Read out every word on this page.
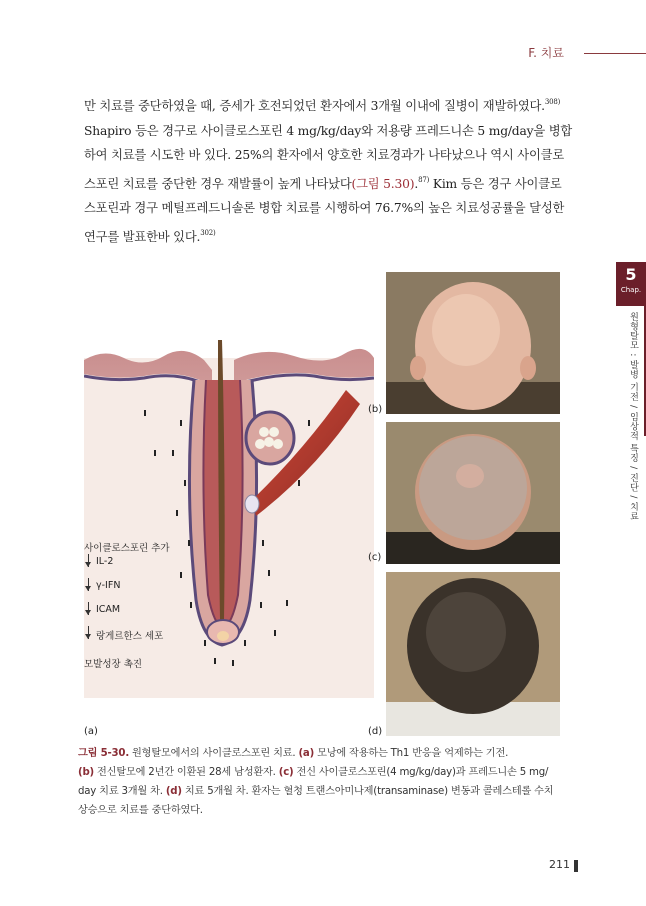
F. 치료
5
Chap.
원형탈모 : 발병 기전 / 임상적 특징 / 진단 / 치료
만 치료를 중단하였을 때, 증세가 호전되었던 환자에서 3개월 이내에 질병이 재발하였다.$^{308)}$
Shapiro 등은 경구로 사이클로스포린 4 mg/kg/day와 저용량 프레드니손 5 mg/day을 병합
하여 치료를 시도한 바 있다. 25%의 환자에서 양호한 치료경과가 나타났으나 역시 사이클로
스포린 치료를 중단한 경우 재발률이 높게 나타났다(그림 5.30).$^{87)}$ Kim 등은 경구 사이클로
스포린과 경구 메틸프레드니솔론 병합 치료를 시행하여 76.7%의 높은 치료성공률을 달성한
연구를 발표한바 있다.$^{302)}$
사이클로스포린 추가
IL-2
γ-IFN
ICAM
랑게르한스 세포
모발성장 촉진
(a)
(b)
(c)
(d)
그림 5-30. 원형탈모에서의 사이클로스포린 치료. (a) 모낭에 작용하는 Th1 반응을 억제하는 기전.
(b) 전신탈모에 2년간 이환된 28세 남성환자. (c) 전신 사이클로스포린(4 mg/kg/day)과 프레드니손 5 mg/
day 치료 3개월 차. (d) 치료 5개월 차. 환자는 혈청 트랜스아미나제(transaminase) 변동과 콜레스테롤 수치
상승으로 치료를 중단하였다.
211
